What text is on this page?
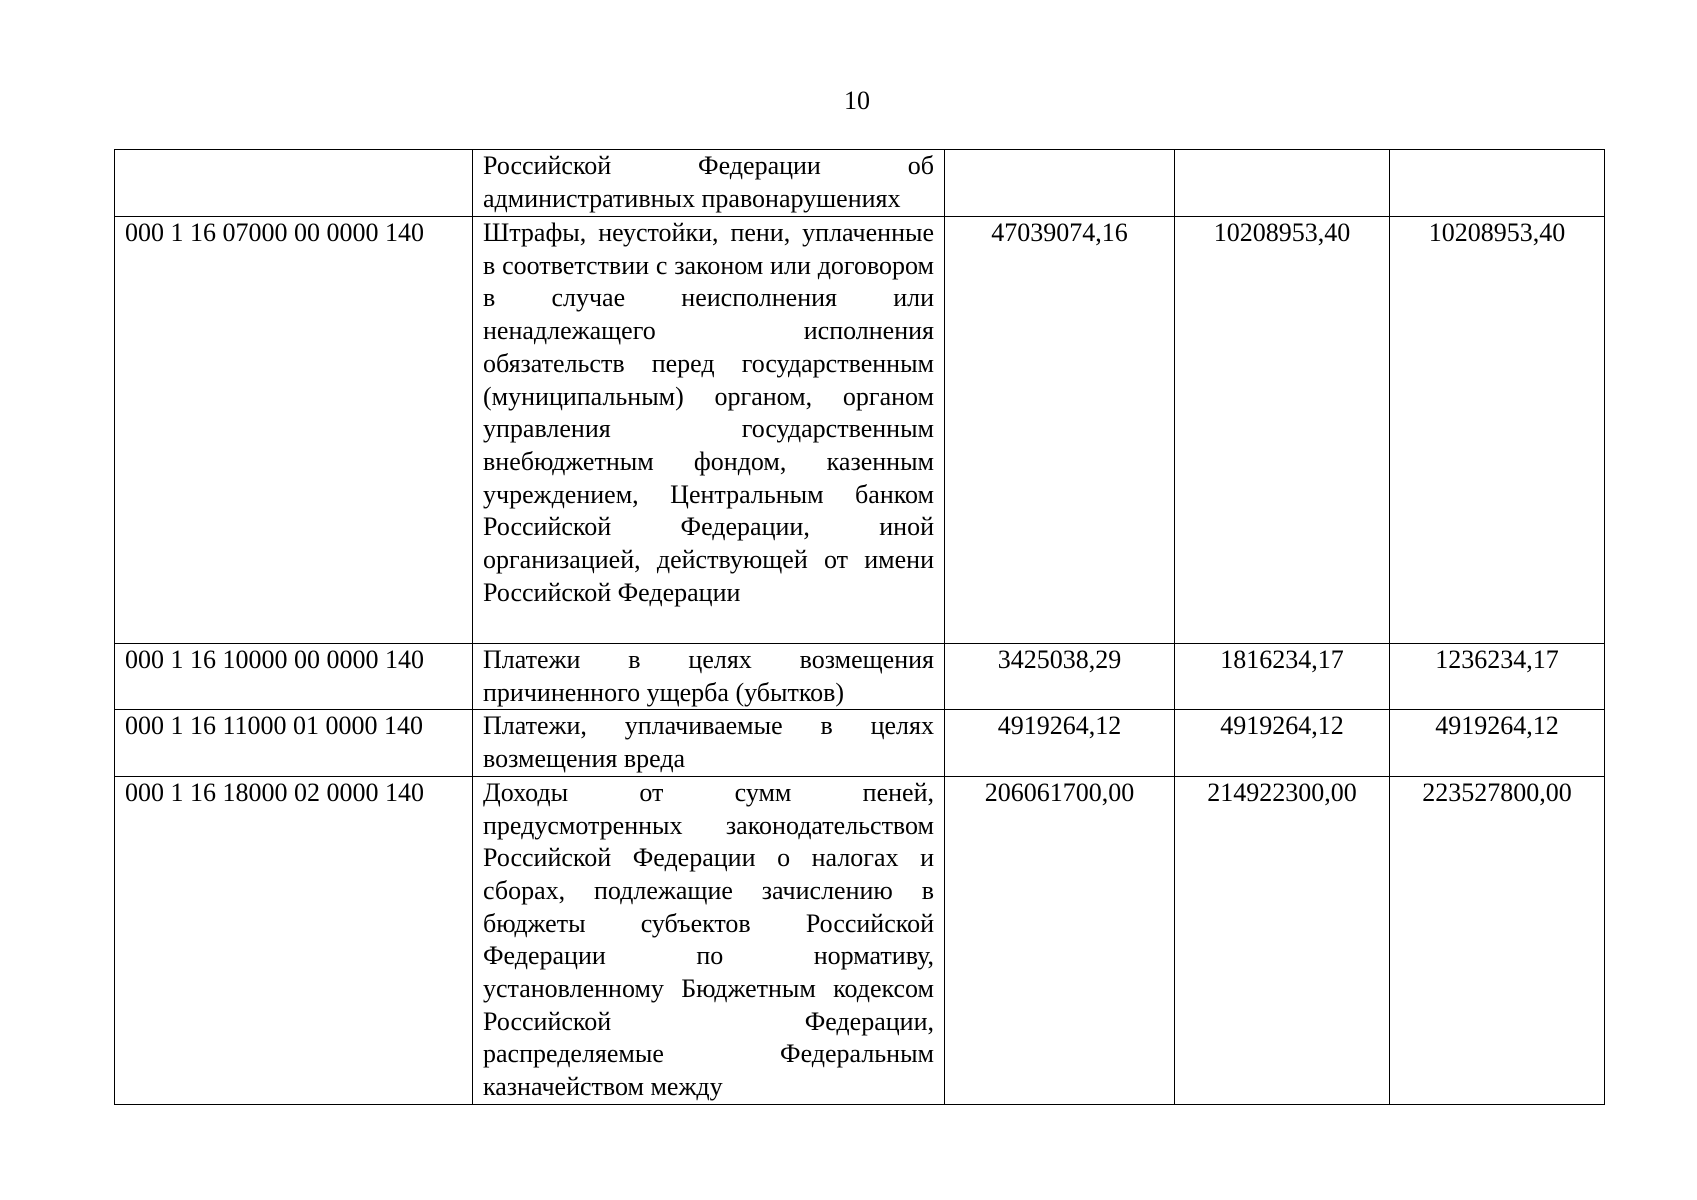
10
	Российской Федерации об административных правонарушениях			
000 1 16 07000 00 0000 140	Штрафы, неустойки, пени, уплаченные в соответствии с законом или договором в случае неисполнения или ненадлежащего исполнения обязательств перед государственным (муниципальным) органом, органом управления государственным внебюджетным фондом, казенным учреждением, Центральным банком Российской Федерации, иной организацией, действующей от имени Российской Федерации	47039074,16	10208953,40	10208953,40
000 1 16 10000 00 0000 140	Платежи в целях возмещения причиненного ущерба (убытков)	3425038,29	1816234,17	1236234,17
000 1 16 11000 01 0000 140	Платежи, уплачиваемые в целях возмещения вреда	4919264,12	4919264,12	4919264,12
000 1 16 18000 02 0000 140	Доходы от сумм пеней, предусмотренных законодательством Российской Федерации о налогах и сборах, подлежащие зачислению в бюджеты субъектов Российской Федерации по нормативу, установленному Бюджетным кодексом Российской Федерации, распределяемые Федеральным казначейством между	206061700,00	214922300,00	223527800,00
